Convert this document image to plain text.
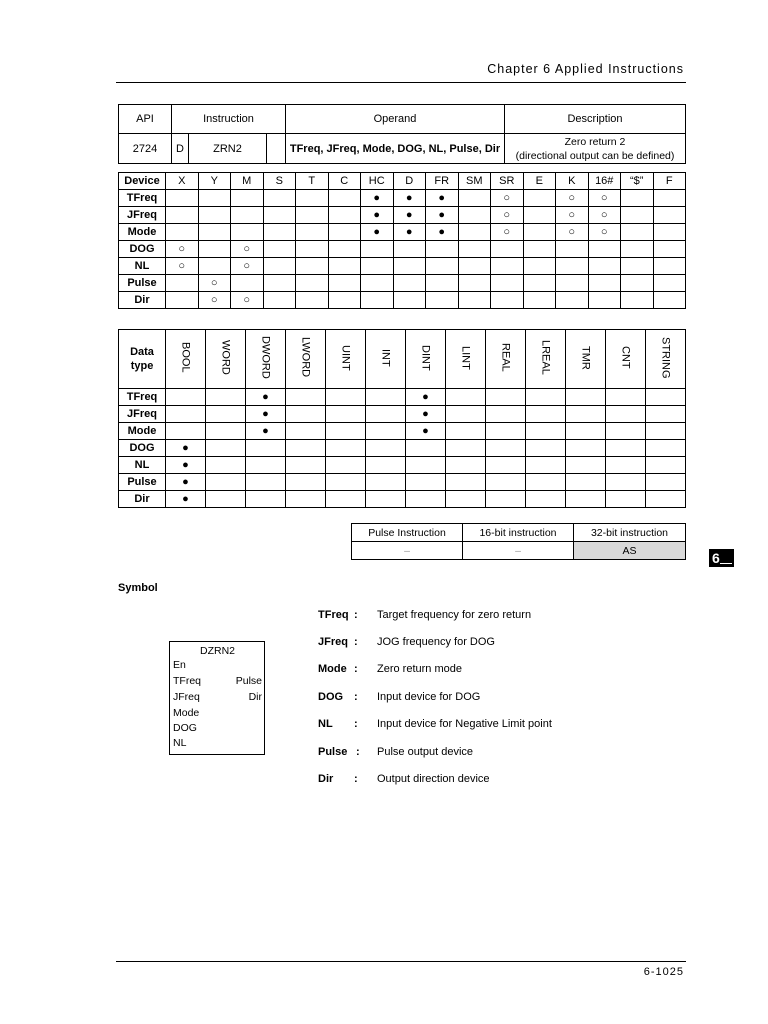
Chapter 6 Applied Instructions
API	Instruction			Operand	Description
2724	D	ZRN2		TFreq, JFreq, Mode, DOG, NL, Pulse, Dir	Zero return 2
(directional output can be defined)
Device	X	Y	M	S	T	C	HC	D	FR	SM	SR	E	K	16#	“$”	F
TFreq							●	●	●		○		○	○		
JFreq							●	●	●		○		○	○		
Mode							●	●	●		○		○	○		
DOG	○		○													
NL	○		○													
Pulse		○														
Dir		○	○													
Data
type	BOOL	WORD	DWORD	LWORD	UINT	INT	DINT	LINT	REAL	LREAL	TMR	CNT	STRING
TFreq			●				●						
JFreq			●				●						
Mode			●				●						
DOG	●												
NL	●												
Pulse	●												
Dir	●												
Pulse Instruction	16-bit instruction	32-bit instruction
–	–	AS	6
Symbol
DZRN2
En
TFreq
JFreq
Mode
DOG
NL
Pulse
Dir
TFreq : Target frequency for zero return
JFreq : JOG frequency for DOG
Mode : Zero return mode
DOG : Input device for DOG
NL : Input device for Negative Limit point
Pulse : Pulse output device
Dir : Output direction device
6-1025
